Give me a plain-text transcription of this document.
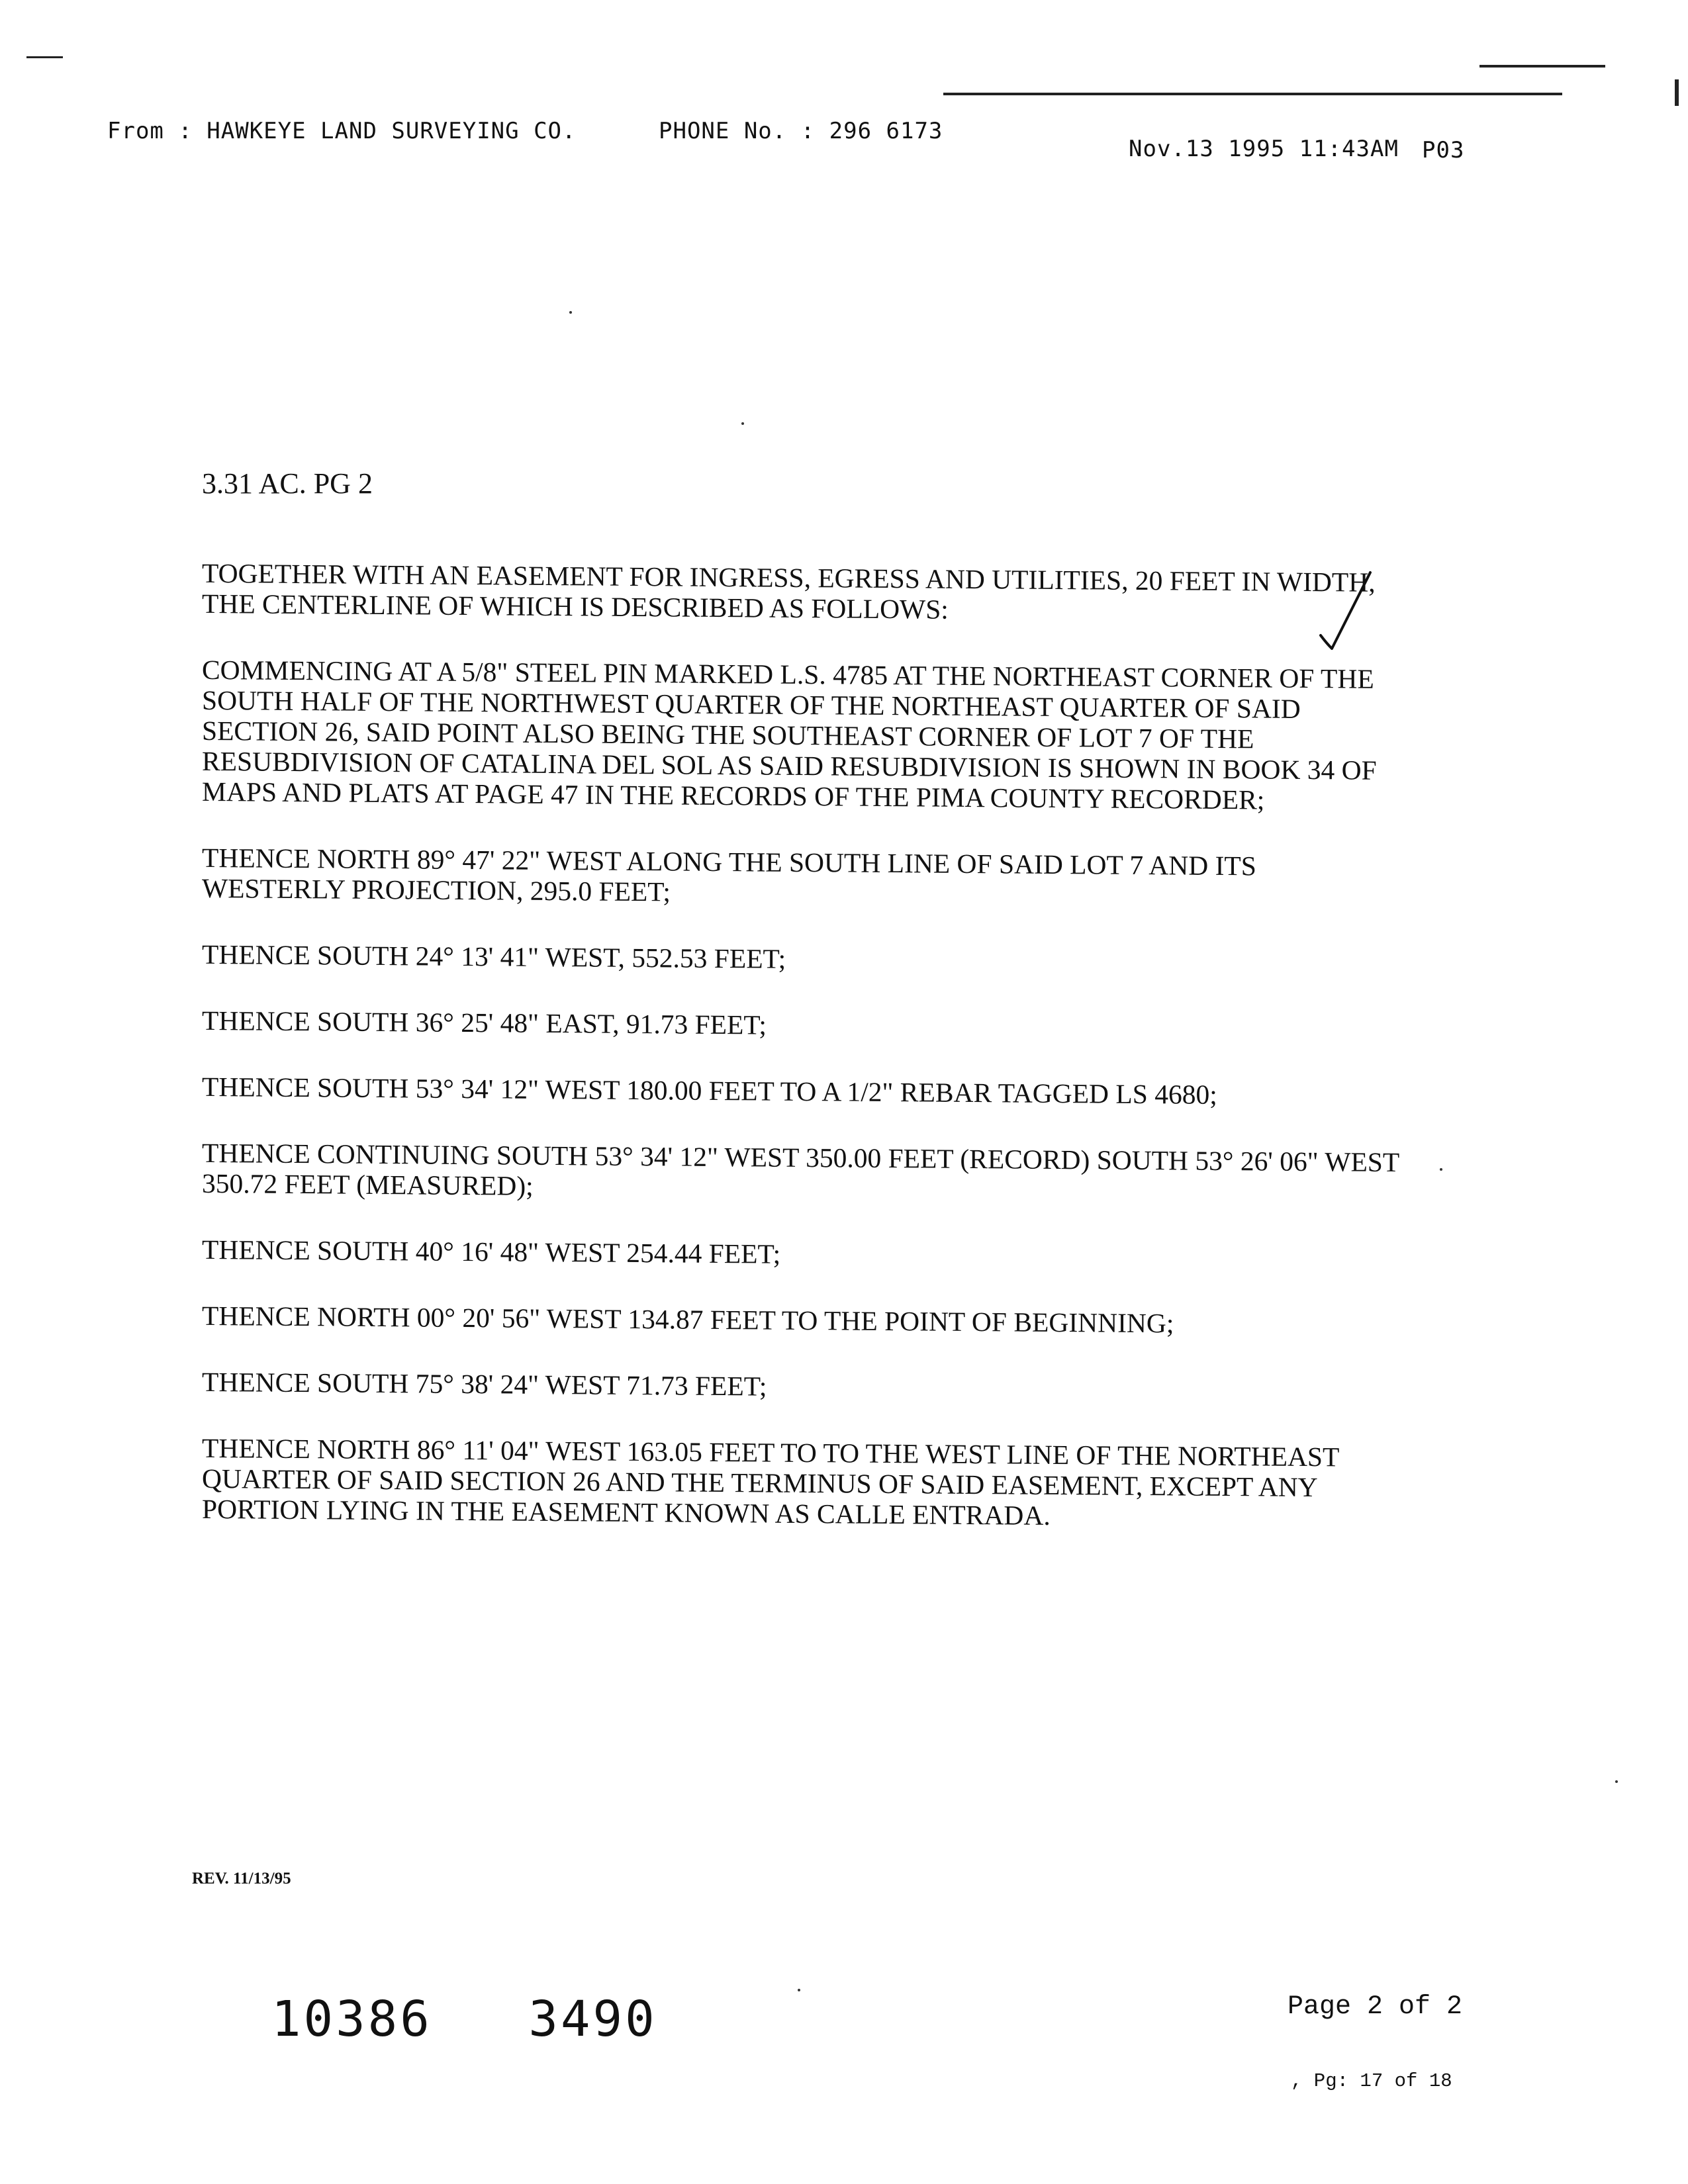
From : HAWKEYE LAND SURVEYING CO.	PHONE No. : 296 6173
Nov.13 1995 11:43AM P03
3.31 AC. PG 2

TOGETHER WITH AN EASEMENT FOR INGRESS, EGRESS AND UTILITIES, 20 FEET IN WIDTH, THE CENTERLINE OF WHICH IS DESCRIBED AS FOLLOWS:

COMMENCING AT A 5/8" STEEL PIN MARKED L.S. 4785 AT THE NORTHEAST CORNER OF THE SOUTH HALF OF THE NORTHWEST QUARTER OF THE NORTHEAST QUARTER OF SAID SECTION 26, SAID POINT ALSO BEING THE SOUTHEAST CORNER OF LOT 7 OF THE RESUBDIVISION OF CATALINA DEL SOL AS SAID RESUBDIVISION IS SHOWN IN BOOK 34 OF MAPS AND PLATS AT PAGE 47 IN THE RECORDS OF THE PIMA COUNTY RECORDER;

THENCE NORTH 89° 47' 22" WEST ALONG THE SOUTH LINE OF SAID LOT 7 AND ITS WESTERLY PROJECTION, 295.0 FEET;

THENCE SOUTH 24° 13' 41" WEST, 552.53 FEET;

THENCE SOUTH 36° 25' 48" EAST, 91.73 FEET;

THENCE SOUTH 53° 34' 12" WEST 180.00 FEET TO A 1/2" REBAR TAGGED LS 4680;

THENCE CONTINUING SOUTH 53° 34' 12" WEST 350.00 FEET (RECORD) SOUTH 53° 26' 06" WEST 350.72 FEET (MEASURED);

THENCE SOUTH 40° 16' 48" WEST 254.44 FEET;

THENCE NORTH 00° 20' 56" WEST 134.87 FEET TO THE POINT OF BEGINNING;

THENCE SOUTH 75° 38' 24" WEST 71.73 FEET;

THENCE NORTH 86° 11' 04" WEST 163.05 FEET TO TO THE WEST LINE OF THE NORTHEAST QUARTER OF SAID SECTION 26 AND THE TERMINUS OF SAID EASEMENT, EXCEPT ANY PORTION LYING IN THE EASEMENT KNOWN AS CALLE ENTRADA.

REV. 11/13/95
10386   3490	Page 2 of 2
, Pg: 17 of 18
